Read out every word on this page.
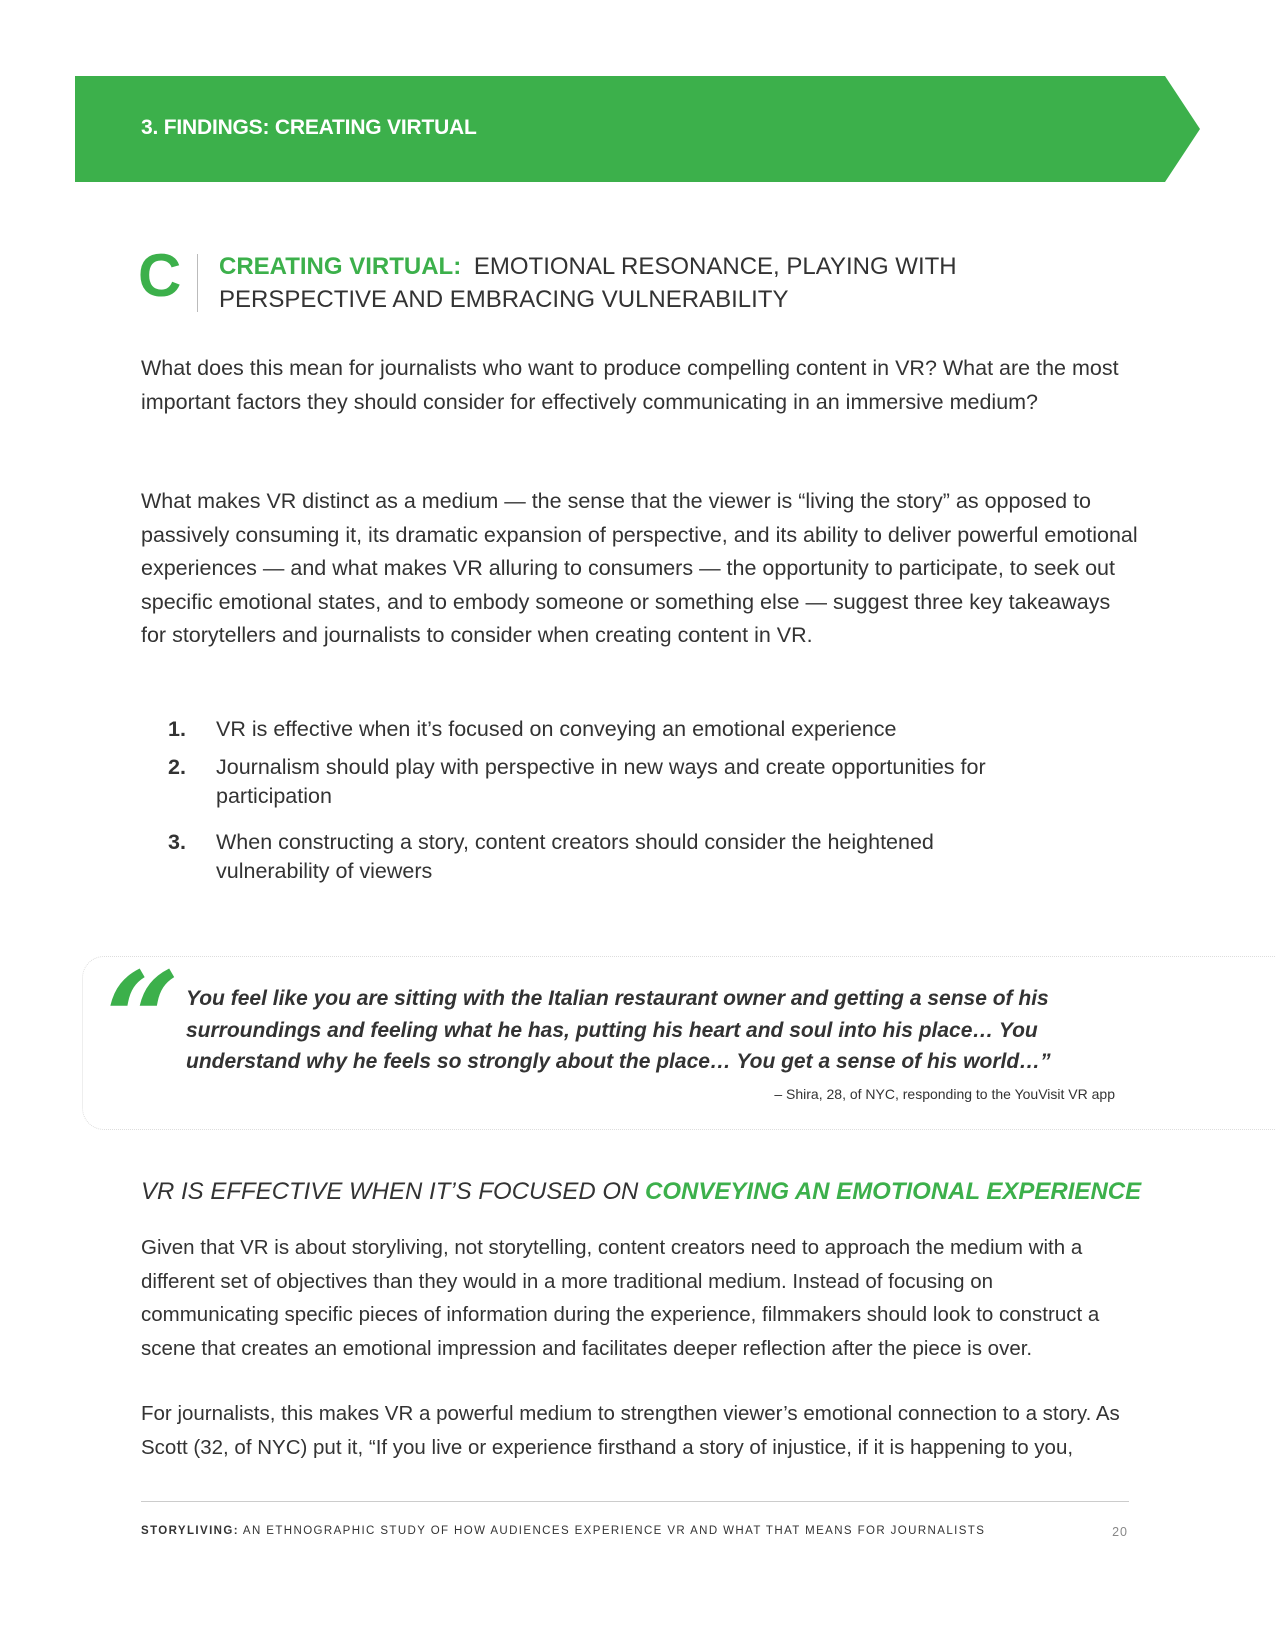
3. FINDINGS: CREATING VIRTUAL
C CREATING VIRTUAL: EMOTIONAL RESONANCE, PLAYING WITH PERSPECTIVE AND EMBRACING VULNERABILITY

What does this mean for journalists who want to produce compelling content in VR? What are the most important factors they should consider for effectively communicating in an immersive medium?

What makes VR distinct as a medium — the sense that the viewer is “living the story” as opposed to passively consuming it, its dramatic expansion of perspective, and its ability to deliver powerful emotional experiences — and what makes VR alluring to consumers — the opportunity to participate, to seek out specific emotional states, and to embody someone or something else — suggest three key takeaways for storytellers and journalists to consider when creating content in VR.

1.	VR is effective when it’s focused on conveying an emotional experience
2.	Journalism should play with perspective in new ways and create opportunities for participation
3.	When constructing a story, content creators should consider the heightened vulnerability of viewers
“ You feel like you are sitting with the Italian restaurant owner and getting a sense of his surroundings and feeling what he has, putting his heart and soul into his place… You understand why he feels so strongly about the place… You get a sense of his world…”
– Shira, 28, of NYC, responding to the YouVisit VR app
VR IS EFFECTIVE WHEN IT’S FOCUSED ON CONVEYING AN EMOTIONAL EXPERIENCE

Given that VR is about storyliving, not storytelling, content creators need to approach the medium with a different set of objectives than they would in a more traditional medium. Instead of focusing on communicating specific pieces of information during the experience, filmmakers should look to construct a scene that creates an emotional impression and facilitates deeper reflection after the piece is over.

For journalists, this makes VR a powerful medium to strengthen viewer’s emotional connection to a story. As Scott (32, of NYC) put it, “If you live or experience firsthand a story of injustice, if it is happening to you,

STORYLIVING: AN ETHNOGRAPHIC STUDY OF HOW AUDIENCES EXPERIENCE VR AND WHAT THAT MEANS FOR JOURNALISTS	20
